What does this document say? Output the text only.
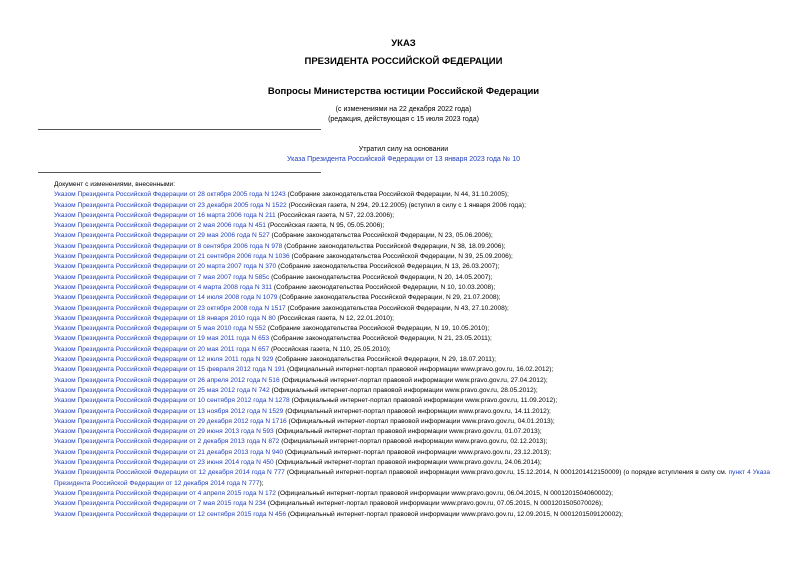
УКАЗ
ПРЕЗИДЕНТА РОССИЙСКОЙ ФЕДЕРАЦИИ
Вопросы Министерства юстиции Российской Федерации
(с изменениями на 22 декабря 2022 года)
(редакция, действующая с 15 июля 2023 года)
Утратил силу на основании
Указа Президента Российской Федерации от 13 января 2023 года № 10
Документ с изменениями, внесенными:
Указом Президента Российской Федерации от 28 октября 2005 года N 1243 (Собрание законодательства Российской Федерации, N 44, 31.10.2005);
Указом Президента Российской Федерации от 23 декабря 2005 года N 1522 (Российская газета, N 294, 29.12.2005) (вступил в силу с 1 января 2006 года);
Указом Президента Российской Федерации от 16 марта 2006 года N 211 (Российская газета, N 57, 22.03.2006);
Указом Президента Российской Федерации от 2 мая 2006 года N 451 (Российская газета, N 95, 05.05.2006);
Указом Президента Российской Федерации от 29 мая 2006 года N 527 (Собрание законодательства Российской Федерации, N 23, 05.06.2006);
Указом Президента Российской Федерации от 8 сентября 2006 года N 978 (Собрание законодательства Российской Федерации, N 38, 18.09.2006);
Указом Президента Российской Федерации от 21 сентября 2006 года N 1036 (Собрание законодательства Российской Федерации, N 39, 25.09.2006);
Указом Президента Российской Федерации от 20 марта 2007 года N 370 (Собрание законодательства Российской Федерации, N 13, 26.03.2007);
Указом Президента Российской Федерации от 7 мая 2007 года N 585с (Собрание законодательства Российской Федерации, N 20, 14.05.2007);
Указом Президента Российской Федерации от 4 марта 2008 года N 311 (Собрание законодательства Российской Федерации, N 10, 10.03.2008);
Указом Президента Российской Федерации от 14 июля 2008 года N 1079 (Собрание законодательства Российской Федерации, N 29, 21.07.2008);
Указом Президента Российской Федерации от 23 октября 2008 года N 1517 (Собрание законодательства Российской Федерации, N 43, 27.10.2008);
Указом Президента Российской Федерации от 18 января 2010 года N 80 (Российская газета, N 12, 22.01.2010);
Указом Президента Российской Федерации от 5 мая 2010 года N 552 (Собрание законодательства Российской Федерации, N 19, 10.05.2010);
Указом Президента Российской Федерации от 19 мая 2011 года N 653 (Собрание законодательства Российской Федерации, N 21, 23.05.2011);
Указом Президента Российской Федерации от 20 мая 2011 года N 657 (Российская газета, N 110, 25.05.2010);
Указом Президента Российской Федерации от 12 июля 2011 года N 929 (Собрание законодательства Российской Федерации, N 29, 18.07.2011);
Указом Президента Российской Федерации от 15 февраля 2012 года N 191 (Официальный интернет-портал правовой информации www.pravo.gov.ru, 16.02.2012);
Указом Президента Российской Федерации от 26 апреля 2012 года N 516 (Официальный интернет-портал правовой информации www.pravo.gov.ru, 27.04.2012);
Указом Президента Российской Федерации от 25 мая 2012 года N 742 (Официальный интернет-портал правовой информации www.pravo.gov.ru, 28.05.2012);
Указом Президента Российской Федерации от 10 сентября 2012 года N 1278 (Официальный интернет-портал правовой информации www.pravo.gov.ru, 11.09.2012);
Указом Президента Российской Федерации от 13 ноября 2012 года N 1529 (Официальный интернет-портал правовой информации www.pravo.gov.ru, 14.11.2012);
Указом Президента Российской Федерации от 29 декабря 2012 года N 1716 (Официальный интернет-портал правовой информации www.pravo.gov.ru, 04.01.2013);
Указом Президента Российской Федерации от 29 июня 2013 года N 593 (Официальный интернет-портал правовой информации www.pravo.gov.ru, 01.07.2013);
Указом Президента Российской Федерации от 2 декабря 2013 года N 872 (Официальный интернет-портал правовой информации www.pravo.gov.ru, 02.12.2013);
Указом Президента Российской Федерации от 21 декабря 2013 года N 940 (Официальный интернет-портал правовой информации www.pravo.gov.ru, 23.12.2013);
Указом Президента Российской Федерации от 23 июня 2014 года N 450 (Официальный интернет-портал правовой информации www.pravo.gov.ru, 24.06.2014);
Указом Президента Российской Федерации от 12 декабря 2014 года N 777 (Официальный интернет-портал правовой информации www.pravo.gov.ru, 15.12.2014, N 0001201412150009) (о порядке вступления в силу см. пункт 4 Указа Президента Российской Федерации от 12 декабря 2014 года N 777);
Указом Президента Российской Федерации от 4 апреля 2015 года N 172 (Официальный интернет-портал правовой информации www.pravo.gov.ru, 06.04.2015, N 0001201504060002);
Указом Президента Российской Федерации от 7 мая 2015 года N 234 (Официальный интернет-портал правовой информации www.pravo.gov.ru, 07.05.2015, N 0001201505070026);
Указом Президента Российской Федерации от 12 сентября 2015 года N 456 (Официальный интернет-портал правовой информации www.pravo.gov.ru, 12.09.2015, N 0001201509120002);
